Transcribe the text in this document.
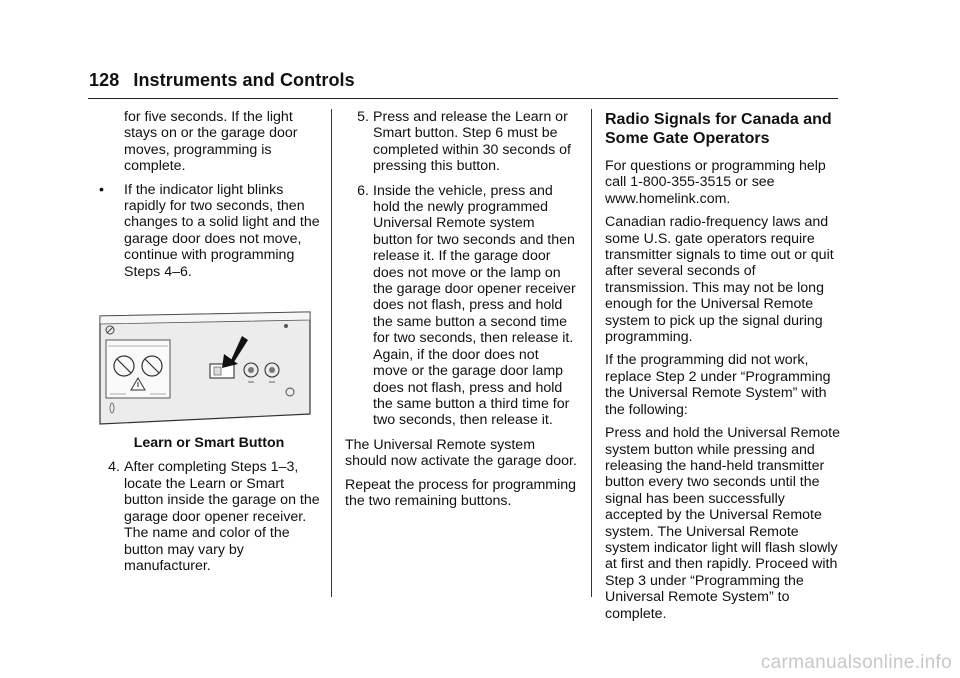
128 Instruments and Controls

for five seconds. If the light stays on or the garage door moves, programming is complete.

• If the indicator light blinks rapidly for two seconds, then changes to a solid light and the garage door does not move, continue with programming Steps 4–6.
Learn or Smart Button
4. After completing Steps 1–3, locate the Learn or Smart button inside the garage on the garage door opener receiver. The name and color of the button may vary by manufacturer.
5. Press and release the Learn or Smart button. Step 6 must be completed within 30 seconds of pressing this button.
6. Inside the vehicle, press and hold the newly programmed Universal Remote system button for two seconds and then release it. If the garage door does not move or the lamp on the garage door opener receiver does not flash, press and hold the same button a second time for two seconds, then release it. Again, if the door does not move or the garage door lamp does not flash, press and hold the same button a third time for two seconds, then release it.

The Universal Remote system should now activate the garage door.

Repeat the process for programming the two remaining buttons.

Radio Signals for Canada and Some Gate Operators

For questions or programming help call 1-800-355-3515 or see www.homelink.com.

Canadian radio-frequency laws and some U.S. gate operators require transmitter signals to time out or quit after several seconds of transmission. This may not be long enough for the Universal Remote system to pick up the signal during programming.

If the programming did not work, replace Step 2 under “Programming the Universal Remote System” with the following:

Press and hold the Universal Remote system button while pressing and releasing the hand-held transmitter button every two seconds until the signal has been successfully accepted by the Universal Remote system. The Universal Remote system indicator light will flash slowly at first and then rapidly. Proceed with Step 3 under “Programming the Universal Remote System” to complete.

carmanualsonline.info
